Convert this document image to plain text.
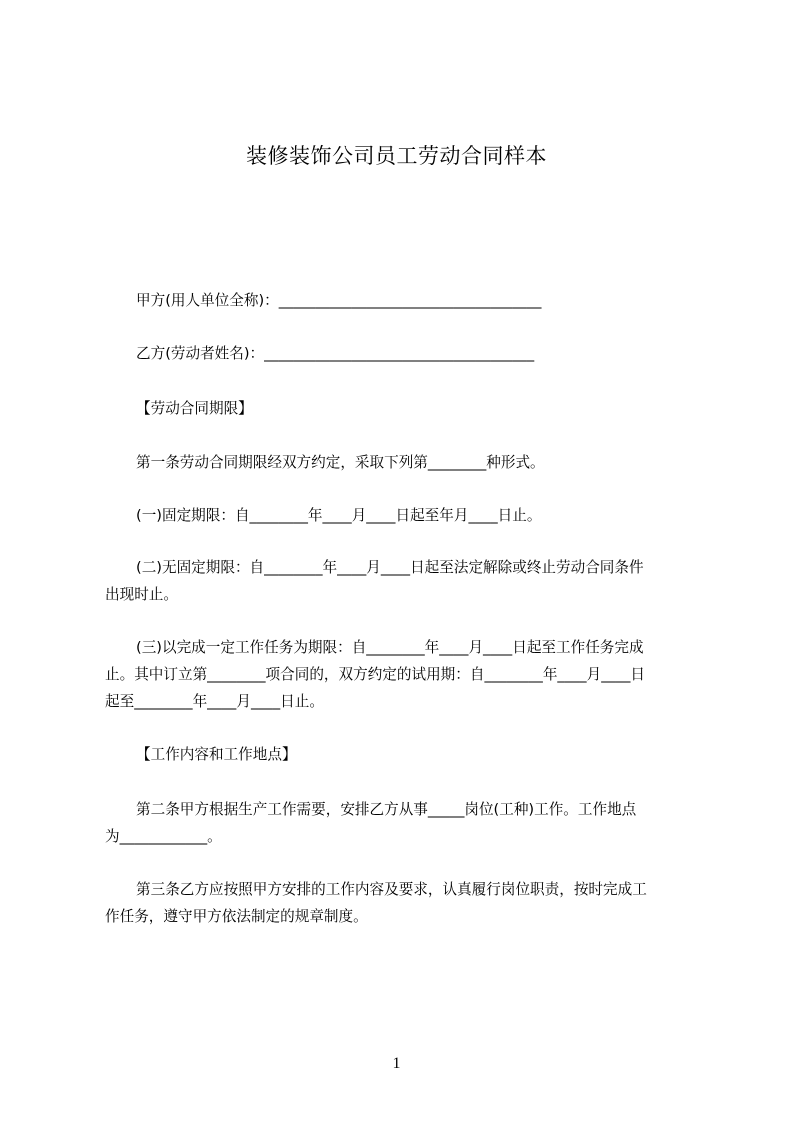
装修装饰公司员工劳动合同样本
甲方(用人单位全称)：____________________________________
乙方(劳动者姓名)：_____________________________________
【劳动合同期限】
第一条劳动合同期限经双方约定，采取下列第________种形式。
(一)固定期限：自________年____月____日起至年月____日止。
(二)无固定期限：自________年____月____日起至法定解除或终止劳动合同条件
出现时止。
(三)以完成一定工作任务为期限：自________年____月____日起至工作任务完成
止。其中订立第________项合同的，双方约定的试用期：自________年____月____日
起至________年____月____日止。
【工作内容和工作地点】
第二条甲方根据生产工作需要，安排乙方从事_____岗位(工种)工作。工作地点
为____________。
第三条乙方应按照甲方安排的工作内容及要求，认真履行岗位职责，按时完成工
作任务，遵守甲方依法制定的规章制度。
1
